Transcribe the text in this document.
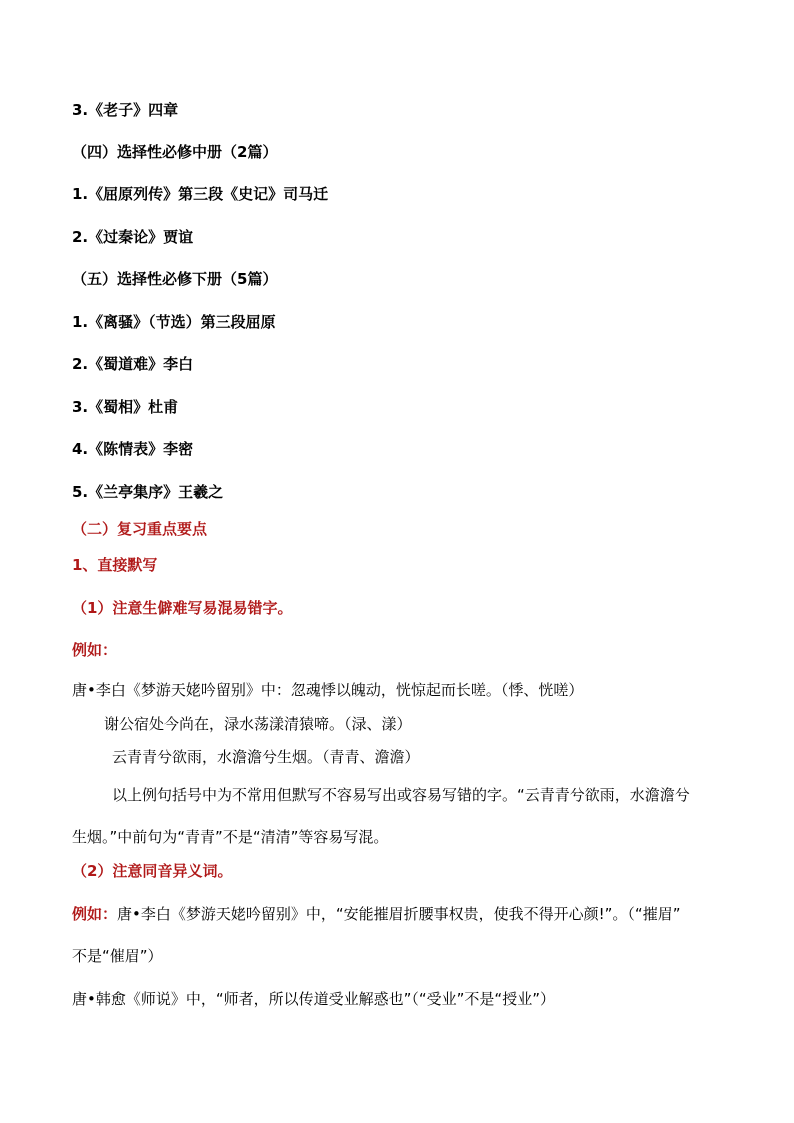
3.《老子》四章
（四）选择性必修中册（2篇）
1.《屈原列传》第三段《史记》司马迁
2.《过秦论》贾谊
（五）选择性必修下册（5篇）
1.《离骚》（节选）第三段屈原
2.《蜀道难》李白
3.《蜀相》杜甫
4.《陈情表》李密
5.《兰亭集序》王羲之
（二）复习重点要点
1、直接默写
（1）注意生僻难写易混易错字。
例如：
唐•李白《梦游天姥吟留别》中：忽魂悸以魄动，恍惊起而长嗟。（悸、恍嗟）
谢公宿处今尚在，渌水荡漾清猿啼。（渌、漾）
云青青兮欲雨，水澹澹兮生烟。（青青、澹澹）
以上例句括号中为不常用但默写不容易写出或容易写错的字。“云青青兮欲雨，水澹澹兮
生烟。”中前句为“青青”不是“清清”等容易写混。
（2）注意同音异义词。
例如：唐•李白《梦游天姥吟留别》中，“安能摧眉折腰事权贵，使我不得开心颜!”。（“摧眉”
不是“催眉”）
唐•韩愈《师说》中，“师者，所以传道受业解惑也”（“受业”不是“授业”）
